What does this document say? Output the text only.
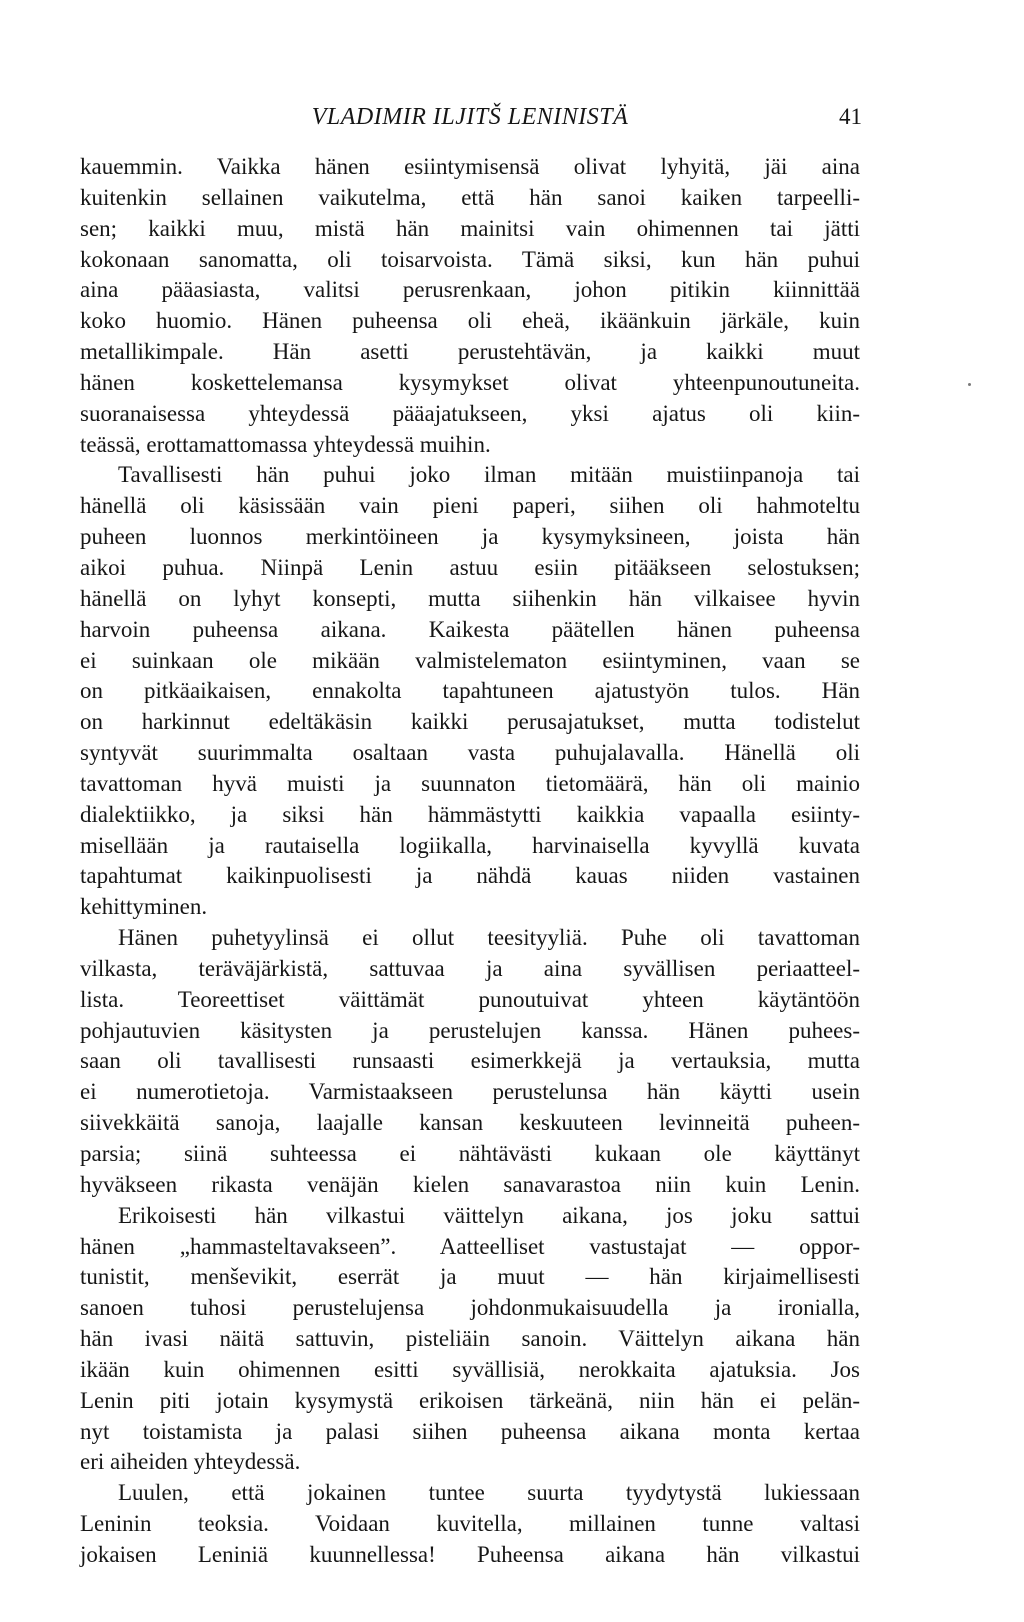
VLADIMIR ILJITŠ LENINISTÄ	41
kauemmin. Vaikka hänen esiintymisensä olivat lyhyitä, jäi aina
kuitenkin sellainen vaikutelma, että hän sanoi kaiken tarpeelli-
sen; kaikki muu, mistä hän mainitsi vain ohimennen tai jätti
kokonaan sanomatta, oli toisarvoista. Tämä siksi, kun hän puhui
aina pääasiasta, valitsi perusrenkaan, johon pitikin kiinnittää
koko huomio. Hänen puheensa oli eheä, ikäänkuin järkäle, kuin
metallikimpale. Hän asetti perustehtävän, ja kaikki muut
hänen koskettelemansa kysymykset olivat yhteenpunoutuneita.
suoranaisessa yhteydessä pääajatukseen, yksi ajatus oli kiin-
teässä, erottamattomassa yhteydessä muihin.
Tavallisesti hän puhui joko ilman mitään muistiinpanoja tai
hänellä oli käsissään vain pieni paperi, siihen oli hahmoteltu
puheen luonnos merkintöineen ja kysymyksineen, joista hän
aikoi puhua. Niinpä Lenin astuu esiin pitääkseen selostuksen;
hänellä on lyhyt konsepti, mutta siihenkin hän vilkaisee hyvin
harvoin puheensa aikana. Kaikesta päätellen hänen puheensa
ei suinkaan ole mikään valmistelematon esiintyminen, vaan se
on pitkäaikaisen, ennakolta tapahtuneen ajatustyön tulos. Hän
on harkinnut edeltäkäsin kaikki perusajatukset, mutta todistelut
syntyvät suurimmalta osaltaan vasta puhujalavalla. Hänellä oli
tavattoman hyvä muisti ja suunnaton tietomäärä, hän oli mainio
dialektiikko, ja siksi hän hämmästytti kaikkia vapaalla esiinty-
misellään ja rautaisella logiikalla, harvinaisella kyvyllä kuvata
tapahtumat kaikinpuolisesti ja nähdä kauas niiden vastainen
kehittyminen.
Hänen puhetyylinsä ei ollut teesityyliä. Puhe oli tavattoman
vilkasta, teräväjärkistä, sattuvaa ja aina syvällisen periaatteel-
lista. Teoreettiset väittämät punoutuivat yhteen käytäntöön
pohjautuvien käsitysten ja perustelujen kanssa. Hänen puhees-
saan oli tavallisesti runsaasti esimerkkejä ja vertauksia, mutta
ei numerotietoja. Varmistaakseen perustelunsa hän käytti usein
siivekkäitä sanoja, laajalle kansan keskuuteen levinneitä puheen-
parsia; siinä suhteessa ei nähtävästi kukaan ole käyttänyt
hyväkseen rikasta venäjän kielen sanavarastoa niin kuin Lenin.
Erikoisesti hän vilkastui väittelyn aikana, jos joku sattui
hänen „hammasteltavakseen”. Aatteelliset vastustajat — oppor-
tunistit, menševikit, eserrät ja muut — hän kirjaimellisesti
sanoen tuhosi perustelujensa johdonmukaisuudella ja ironialla,
hän ivasi näitä sattuvin, pisteliäin sanoin. Väittelyn aikana hän
ikään kuin ohimennen esitti syvällisiä, nerokkaita ajatuksia. Jos
Lenin piti jotain kysymystä erikoisen tärkeänä, niin hän ei pelän-
nyt toistamista ja palasi siihen puheensa aikana monta kertaa
eri aiheiden yhteydessä.
Luulen, että jokainen tuntee suurta tyydytystä lukiessaan
Leninin teoksia. Voidaan kuvitella, millainen tunne valtasi
jokaisen Leniniä kuunnellessa! Puheensa aikana hän vilkastui
